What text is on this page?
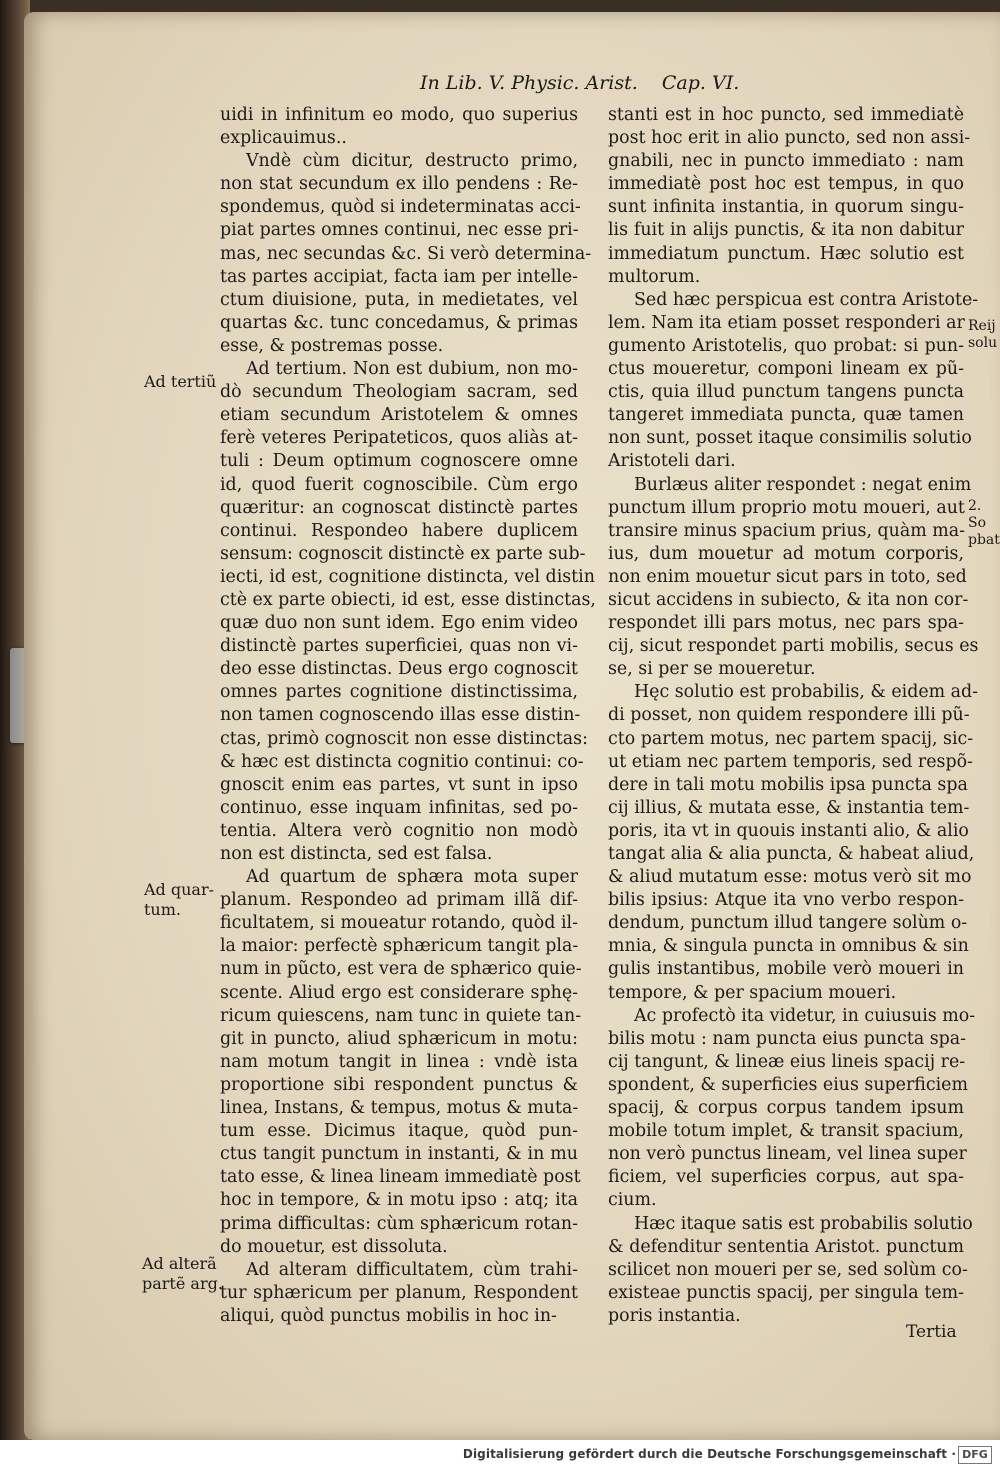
In Lib. V. Physic. Arist. Cap. VI.

uidi in infinitum eo modo, quo superius
explicauimus..

Vndè cùm dicitur, destructo primo,
non stat secundum ex illo pendens : Re-
spondemus, quòd si indeterminatas acci-
piat partes omnes continui, nec esse pri-
mas, nec secundas &c. Si verò determina-
tas partes accipiat, facta iam per intelle-
ctum diuisione, puta, in medietates, vel
quartas &c. tunc concedamus, & primas
esse, & postremas posse.

Ad tertium. Non est dubium, non mo-
dò secundum Theologiam sacram, sed
etiam secundum Aristotelem & omnes
ferè veteres Peripateticos, quos aliàs at-
tuli : Deum optimum cognoscere omne
id, quod fuerit cognoscibile. Cùm ergo
quæritur: an cognoscat distinctè partes
continui. Respondeo habere duplicem
sensum: cognoscit distinctè ex parte sub-
iecti, id est, cognitione distincta, vel distin
ctè ex parte obiecti, id est, esse distinctas,
quæ duo non sunt idem. Ego enim video
distinctè partes superficiei, quas non vi-
deo esse distinctas. Deus ergo cognoscit
omnes partes cognitione distinctissima,
non tamen cognoscendo illas esse distin-
ctas, primò cognoscit non esse distinctas:
& hæc est distincta cognitio continui: co-
gnoscit enim eas partes, vt sunt in ipso
continuo, esse inquam infinitas, sed po-
tentia. Altera verò cognitio non modò
non est distincta, sed est falsa.

Ad quartum de sphæra mota super
planum. Respondeo ad primam illã dif-
ficultatem, si moueatur rotando, quòd il-
la maior: perfectè sphæricum tangit pla-
num in pũcto, est vera de sphærico quie-
scente. Aliud ergo est considerare sphę-
ricum quiescens, nam tunc in quiete tan-
git in puncto, aliud sphæricum in motu:
nam motum tangit in linea : vndè ista
proportione sibi respondent punctus &
linea, Instans, & tempus, motus & muta-
tum esse. Dicimus itaque, quòd pun-
ctus tangit punctum in instanti, & in mu
tato esse, & linea lineam immediatè post
hoc in tempore, & in motu ipso : atq; ita
prima difficultas: cùm sphæricum rotan-
do mouetur, est dissoluta.

Ad alteram difficultatem, cùm trahi-
tur sphæricum per planum, Respondent
aliqui, quòd punctus mobilis in hoc in-

stanti est in hoc puncto, sed immediatè
post hoc erit in alio puncto, sed non assi-
gnabili, nec in puncto immediato : nam
immediatè post hoc est tempus, in quo
sunt infinita instantia, in quorum singu-
lis fuit in alijs punctis, & ita non dabitur
immediatum punctum. Hæc solutio est
multorum.

Sed hæc perspicua est contra Aristote-
lem. Nam ita etiam posset responderi ar
gumento Aristotelis, quo probat: si pun-
ctus moueretur, componi lineam ex pũ-
ctis, quia illud punctum tangens puncta
tangeret immediata puncta, quæ tamen
non sunt, posset itaque consimilis solutio
Aristoteli dari.

Burlæus aliter respondet : negat enim
punctum illum proprio motu moueri, aut
transire minus spacium prius, quàm ma-
ius, dum mouetur ad motum corporis,
non enim mouetur sicut pars in toto, sed
sicut accidens in subiecto, & ita non cor-
respondet illi pars motus, nec pars spa-
cij, sicut respondet parti mobilis, secus es
se, si per se moueretur.

Hęc solutio est probabilis, & eidem ad-
di posset, non quidem respondere illi pũ-
cto partem motus, nec partem spacij, sic-
ut etiam nec partem temporis, sed respõ-
dere in tali motu mobilis ipsa puncta spa
cij illius, & mutata esse, & instantia tem-
poris, ita vt in quouis instanti alio, & alio
tangat alia & alia puncta, & habeat aliud,
& aliud mutatum esse: motus verò sit mo
bilis ipsius: Atque ita vno verbo respon-
dendum, punctum illud tangere solùm o-
mnia, & singula puncta in omnibus & sin
gulis instantibus, mobile verò moueri in
tempore, & per spacium moueri.

Ac profectò ita videtur, in cuiusuis mo-
bilis motu : nam puncta eius puncta spa-
cij tangunt, & lineæ eius lineis spacij re-
spondent, & superficies eius superficiem
spacij, & corpus corpus tandem ipsum
mobile totum implet, & transit spacium,
non verò punctus lineam, vel linea super
ficiem, vel superficies corpus, aut spa-
cium.

Hæc itaque satis est probabilis solutio
& defenditur sententia Aristot. punctum
scilicet non moueri per se, sed solùm co-
existeae punctis spacij, per singula tem-
poris instantia.

Ad tertiũ
Ad quar-
tum.
Ad alterã
partẽ arg.
Reij
solu
2. So
pbat
Tertia
Digitalisierung gefördert durch die Deutsche Forschungsgemeinschaft · DFG
